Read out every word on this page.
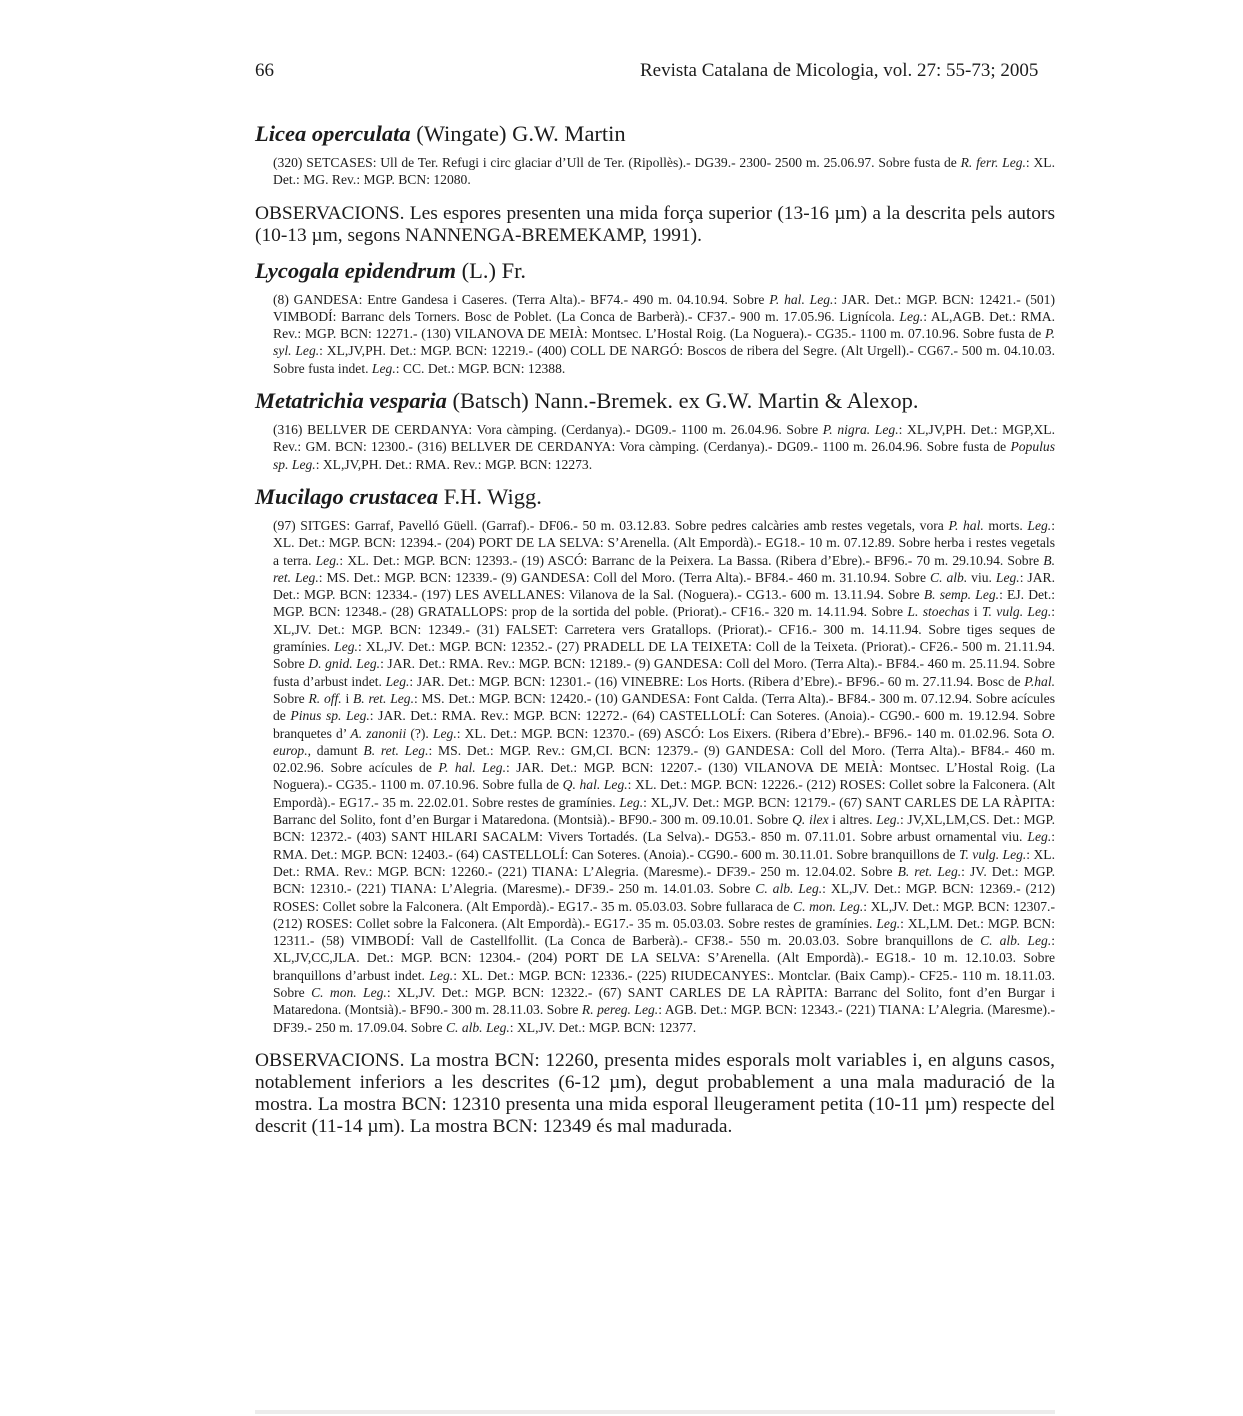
66	Revista Catalana de Micologia, vol. 27: 55-73; 2005
Licea operculata (Wingate) G.W. Martin

(320) SETCASES: Ull de Ter. Refugi i circ glaciar d’Ull de Ter. (Ripollès).- DG39.- 2300- 2500 m. 25.06.97. Sobre fusta de R. ferr. Leg.: XL. Det.: MG. Rev.: MGP. BCN: 12080.

OBSERVACIONS. Les espores presenten una mida força superior (13-16 µm) a la descrita pels autors (10-13 µm, segons NANNENGA-BREMEKAMP, 1991).

Lycogala epidendrum (L.) Fr.

(8) GANDESA: Entre Gandesa i Caseres. (Terra Alta).- BF74.- 490 m. 04.10.94. Sobre P. hal. Leg.: JAR. Det.: MGP. BCN: 12421.- (501) VIMBODÍ: Barranc dels Torners. Bosc de Poblet. (La Conca de Barberà).- CF37.- 900 m. 17.05.96. Lignícola. Leg.: AL,AGB. Det.: RMA. Rev.: MGP. BCN: 12271.- (130) VILANOVA DE MEIÀ: Montsec. L’Hostal Roig. (La Noguera).- CG35.- 1100 m. 07.10.96. Sobre fusta de P. syl. Leg.: XL,JV,PH. Det.: MGP. BCN: 12219.- (400) COLL DE NARGÓ: Boscos de ribera del Segre. (Alt Urgell).- CG67.- 500 m. 04.10.03. Sobre fusta indet. Leg.: CC. Det.: MGP. BCN: 12388.

Metatrichia vesparia (Batsch) Nann.-Bremek. ex G.W. Martin & Alexop.

(316) BELLVER DE CERDANYA: Vora càmping. (Cerdanya).- DG09.- 1100 m. 26.04.96. Sobre P. nigra. Leg.: XL,JV,PH. Det.: MGP,XL. Rev.: GM. BCN: 12300.- (316) BELLVER DE CERDANYA: Vora càmping. (Cerdanya).- DG09.- 1100 m. 26.04.96. Sobre fusta de Populus sp. Leg.: XL,JV,PH. Det.: RMA. Rev.: MGP. BCN: 12273.

Mucilago crustacea F.H. Wigg.

(97) SITGES: Garraf, Pavelló Güell. (Garraf).- DF06.- 50 m. 03.12.83. Sobre pedres calcàries amb restes vegetals, vora P. hal. morts. Leg.: XL. Det.: MGP. BCN: 12394.- (204) PORT DE LA SELVA: S’Arenella. (Alt Empordà).- EG18.- 10 m. 07.12.89. Sobre herba i restes vegetals a terra. Leg.: XL. Det.: MGP. BCN: 12393.- (19) ASCÓ: Barranc de la Peixera. La Bassa. (Ribera d’Ebre).- BF96.- 70 m. 29.10.94. Sobre B. ret. Leg.: MS. Det.: MGP. BCN: 12339.- (9) GANDESA: Coll del Moro. (Terra Alta).- BF84.- 460 m. 31.10.94. Sobre C. alb. viu. Leg.: JAR. Det.: MGP. BCN: 12334.- (197) LES AVELLANES: Vilanova de la Sal. (Noguera).- CG13.- 600 m. 13.11.94. Sobre B. semp. Leg.: EJ. Det.: MGP. BCN: 12348.- (28) GRATALLOPS: prop de la sortida del poble. (Priorat).- CF16.- 320 m. 14.11.94. Sobre L. stoechas i T. vulg. Leg.: XL,JV. Det.: MGP. BCN: 12349.- (31) FALSET: Carretera vers Gratallops. (Priorat).- CF16.- 300 m. 14.11.94. Sobre tiges seques de gramínies. Leg.: XL,JV. Det.: MGP. BCN: 12352.- (27) PRADELL DE LA TEIXETA: Coll de la Teixeta. (Priorat).- CF26.- 500 m. 21.11.94. Sobre D. gnid. Leg.: JAR. Det.: RMA. Rev.: MGP. BCN: 12189.- (9) GANDESA: Coll del Moro. (Terra Alta).- BF84.- 460 m. 25.11.94. Sobre fusta d’arbust indet. Leg.: JAR. Det.: MGP. BCN: 12301.- (16) VINEBRE: Los Horts. (Ribera d’Ebre).- BF96.- 60 m. 27.11.94. Bosc de P.hal. Sobre R. off. i B. ret. Leg.: MS. Det.: MGP. BCN: 12420.- (10) GANDESA: Font Calda. (Terra Alta).- BF84.- 300 m. 07.12.94. Sobre acícules de Pinus sp. Leg.: JAR. Det.: RMA. Rev.: MGP. BCN: 12272.- (64) CASTELLOLÍ: Can Soteres. (Anoia).- CG90.- 600 m. 19.12.94. Sobre branquetes d’ A. zanonii (?). Leg.: XL. Det.: MGP. BCN: 12370.- (69) ASCÓ: Los Eixers. (Ribera d’Ebre).- BF96.- 140 m. 01.02.96. Sota O. europ., damunt B. ret. Leg.: MS. Det.: MGP. Rev.: GM,CI. BCN: 12379.- (9) GANDESA: Coll del Moro. (Terra Alta).- BF84.- 460 m. 02.02.96. Sobre acícules de P. hal. Leg.: JAR. Det.: MGP. BCN: 12207.- (130) VILANOVA DE MEIÀ: Montsec. L’Hostal Roig. (La Noguera).- CG35.- 1100 m. 07.10.96. Sobre fulla de Q. hal. Leg.: XL. Det.: MGP. BCN: 12226.- (212) ROSES: Collet sobre la Falconera. (Alt Empordà).- EG17.- 35 m. 22.02.01. Sobre restes de gramínies. Leg.: XL,JV. Det.: MGP. BCN: 12179.- (67) SANT CARLES DE LA RÀPITA: Barranc del Solito, font d’en Burgar i Mataredona. (Montsià).- BF90.- 300 m. 09.10.01. Sobre Q. ilex i altres. Leg.: JV,XL,LM,CS. Det.: MGP. BCN: 12372.- (403) SANT HILARI SACALM: Vivers Tortadés. (La Selva).- DG53.- 850 m. 07.11.01. Sobre arbust ornamental viu. Leg.: RMA. Det.: MGP. BCN: 12403.- (64) CASTELLOLÍ: Can Soteres. (Anoia).- CG90.- 600 m. 30.11.01. Sobre branquillons de T. vulg. Leg.: XL. Det.: RMA. Rev.: MGP. BCN: 12260.- (221) TIANA: L’Alegria. (Maresme).- DF39.- 250 m. 12.04.02. Sobre B. ret. Leg.: JV. Det.: MGP. BCN: 12310.- (221) TIANA: L’Alegria. (Maresme).- DF39.- 250 m. 14.01.03. Sobre C. alb. Leg.: XL,JV. Det.: MGP. BCN: 12369.- (212) ROSES: Collet sobre la Falconera. (Alt Empordà).- EG17.- 35 m. 05.03.03. Sobre fullaraca de C. mon. Leg.: XL,JV. Det.: MGP. BCN: 12307.- (212) ROSES: Collet sobre la Falconera. (Alt Empordà).- EG17.- 35 m. 05.03.03. Sobre restes de gramínies. Leg.: XL,LM. Det.: MGP. BCN: 12311.- (58) VIMBODÍ: Vall de Castellfollit. (La Conca de Barberà).- CF38.- 550 m. 20.03.03. Sobre branquillons de C. alb. Leg.: XL,JV,CC,JLA. Det.: MGP. BCN: 12304.- (204) PORT DE LA SELVA: S’Arenella. (Alt Empordà).- EG18.- 10 m. 12.10.03. Sobre branquillons d’arbust indet. Leg.: XL. Det.: MGP. BCN: 12336.- (225) RIUDECANYES:. Montclar. (Baix Camp).- CF25.- 110 m. 18.11.03. Sobre C. mon. Leg.: XL,JV. Det.: MGP. BCN: 12322.- (67) SANT CARLES DE LA RÀPITA: Barranc del Solito, font d’en Burgar i Mataredona. (Montsià).- BF90.- 300 m. 28.11.03. Sobre R. pereg. Leg.: AGB. Det.: MGP. BCN: 12343.- (221) TIANA: L’Alegria. (Maresme).- DF39.- 250 m. 17.09.04. Sobre C. alb. Leg.: XL,JV. Det.: MGP. BCN: 12377.

OBSERVACIONS. La mostra BCN: 12260, presenta mides esporals molt variables i, en alguns casos, notablement inferiors a les descrites (6-12 µm), degut probablement a una mala maduració de la mostra. La mostra BCN: 12310 presenta una mida esporal lleugerament petita (10-11 µm) respecte del descrit (11-14 µm). La mostra BCN: 12349 és mal madurada.
